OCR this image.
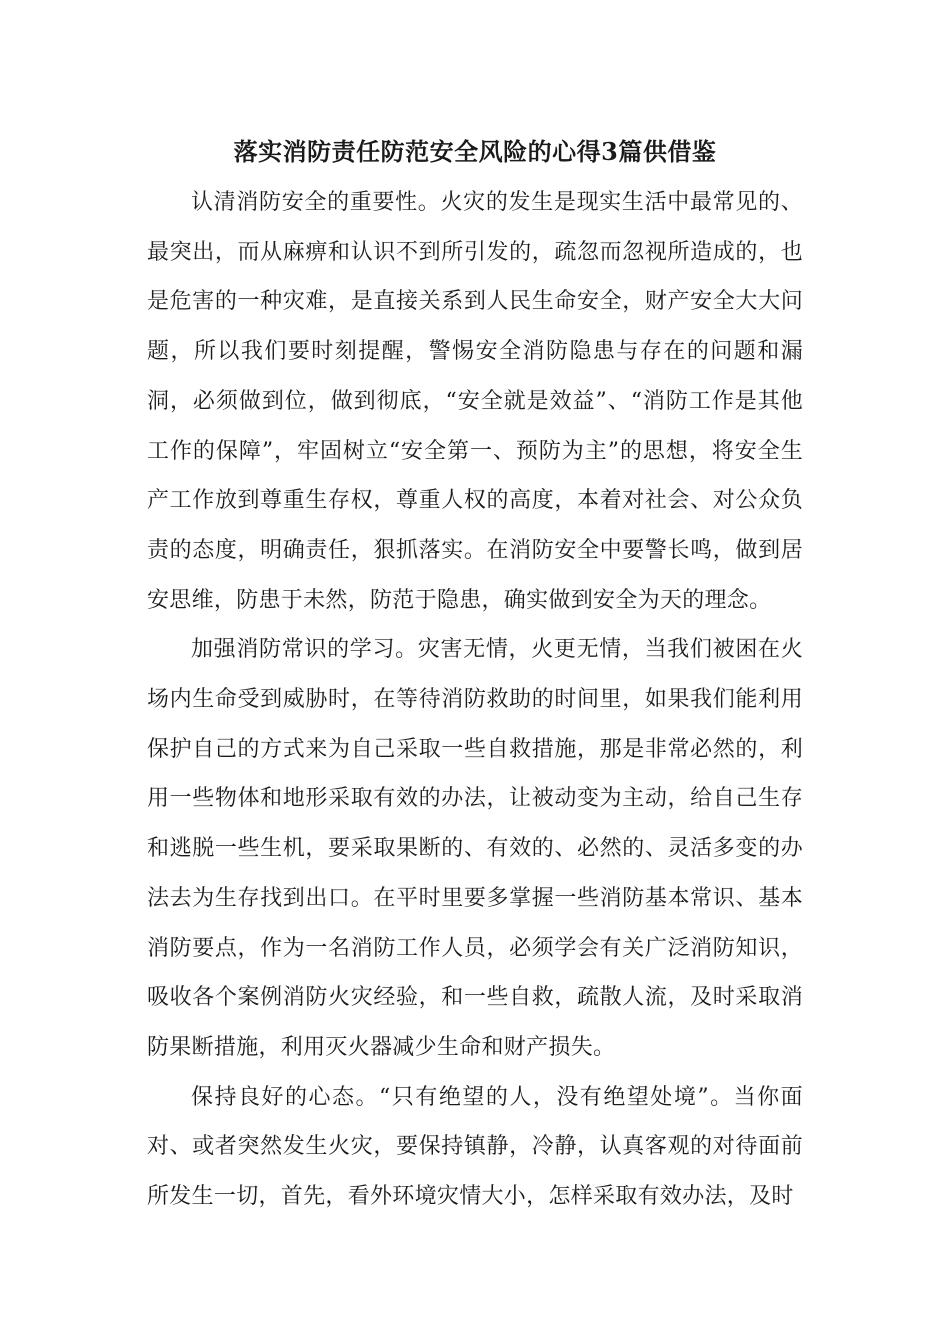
落实消防责任防范安全风险的心得3篇供借鉴

认清消防安全的重要性。火灾的发生是现实生活中最常见的、最突出，而从麻痹和认识不到所引发的，疏忽而忽视所造成的，也是危害的一种灾难，是直接关系到人民生命安全，财产安全大大问题，所以我们要时刻提醒，警惕安全消防隐患与存在的问题和漏洞，必须做到位，做到彻底，“安全就是效益”、“消防工作是其他工作的保障”，牢固树立“安全第一、预防为主”的思想，将安全生产工作放到尊重生存权，尊重人权的高度，本着对社会、对公众负责的态度，明确责任，狠抓落实。在消防安全中要警长鸣，做到居安思维，防患于未然，防范于隐患，确实做到安全为天的理念。

加强消防常识的学习。灾害无情，火更无情，当我们被困在火场内生命受到威胁时，在等待消防救助的时间里，如果我们能利用保护自己的方式来为自己采取一些自救措施，那是非常必然的，利用一些物体和地形采取有效的办法，让被动变为主动，给自己生存和逃脱一些生机，要采取果断的、有效的、必然的、灵活多变的办法去为生存找到出口。在平时里要多掌握一些消防基本常识、基本消防要点，作为一名消防工作人员，必须学会有关广泛消防知识，吸收各个案例消防火灾经验，和一些自救，疏散人流，及时采取消防果断措施，利用灭火器减少生命和财产损失。

保持良好的心态。“只有绝望的人，没有绝望处境”。当你面对、或者突然发生火灾，要保持镇静，冷静，认真客观的对待面前所发生一切，首先，看外环境灾情大小，怎样采取有效办法，及时
